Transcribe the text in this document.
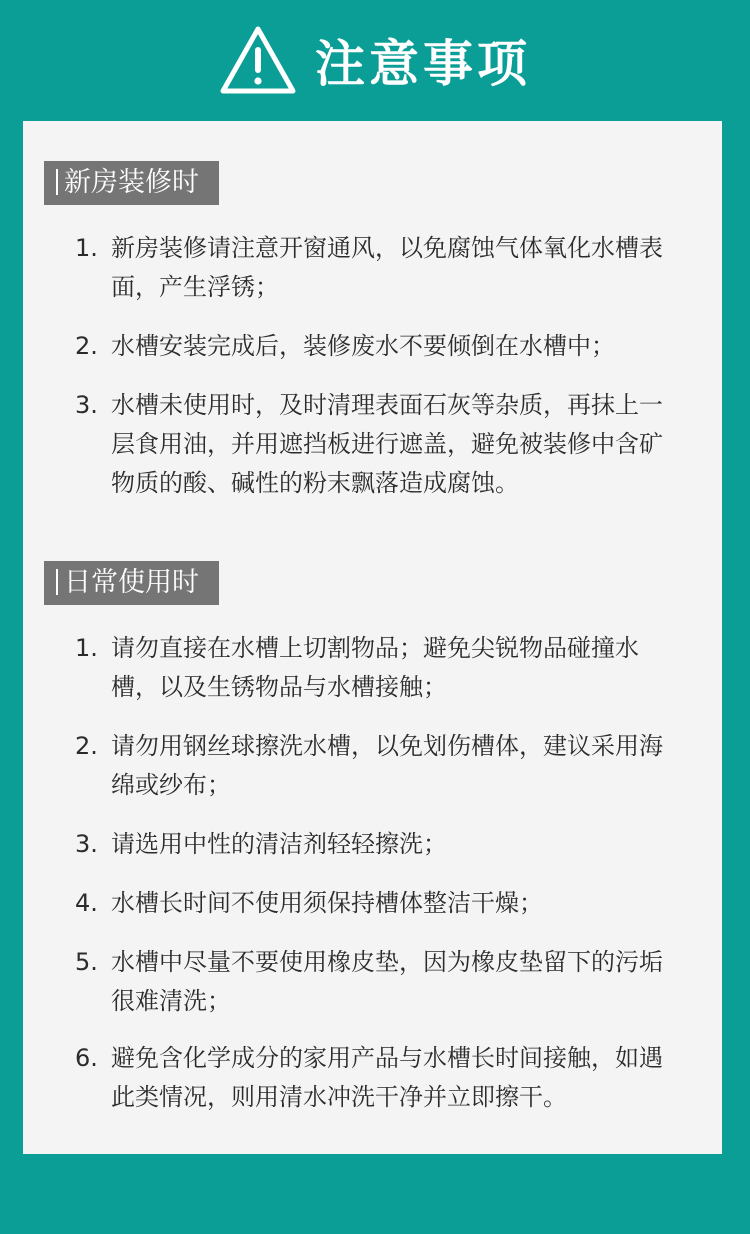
注意事项
新房装修时
1. 新房装修请注意开窗通风，以免腐蚀气体氧化水槽表面，产生浮锈；
2. 水槽安装完成后，装修废水不要倾倒在水槽中；
3. 水槽未使用时，及时清理表面石灰等杂质，再抹上一层食用油，并用遮挡板进行遮盖，避免被装修中含矿物质的酸、碱性的粉末飘落造成腐蚀。
日常使用时
1. 请勿直接在水槽上切割物品；避免尖锐物品碰撞水槽，以及生锈物品与水槽接触；
2. 请勿用钢丝球擦洗水槽，以免划伤槽体，建议采用海绵或纱布；
3. 请选用中性的清洁剂轻轻擦洗；
4. 水槽长时间不使用须保持槽体整洁干燥；
5. 水槽中尽量不要使用橡皮垫，因为橡皮垫留下的污垢很难清洗；
6. 避免含化学成分的家用产品与水槽长时间接触，如遇此类情况，则用清水冲洗干净并立即擦干。
